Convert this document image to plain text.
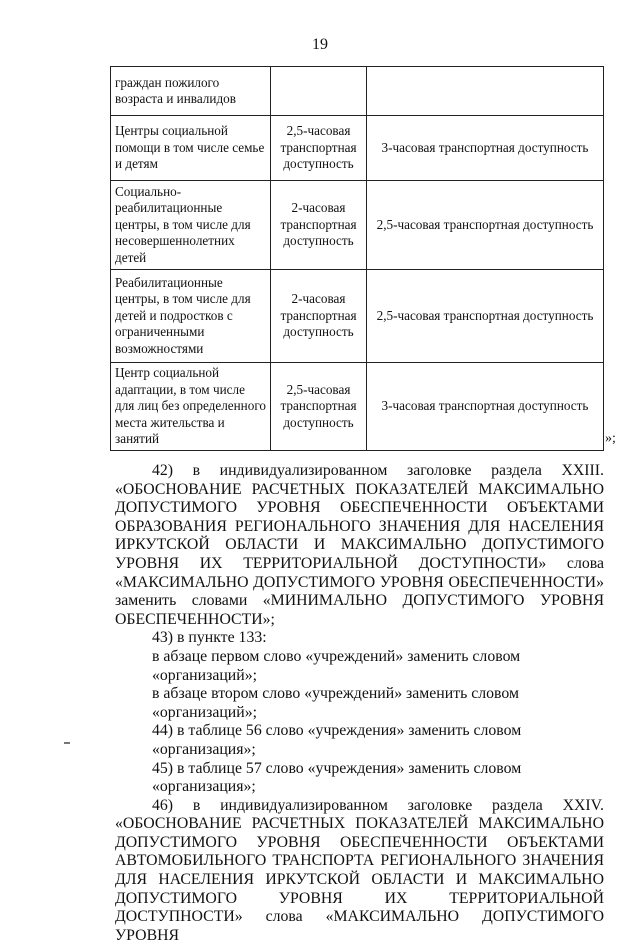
19
граждан пожилого возраста и инвалидов		
Центры социальной помощи в том числе семье и детям	2,5-часовая транспортная доступность	3-часовая транспортная доступность
Социально-реабилитационные центры, в том числе для несовершеннолетних детей	2-часовая транспортная доступность	2,5-часовая транспортная доступность
Реабилитационные центры, в том числе для детей и подростков с ограниченными возможностями	2-часовая транспортная доступность	2,5-часовая транспортная доступность
Центр социальной адаптации, в том числе для лиц без определенного места жительства и занятий	2,5-часовая транспортная доступность	3-часовая транспортная доступность
»;

42) в индивидуализированном заголовке раздела XXIII. «ОБОСНОВАНИЕ РАСЧЕТНЫХ ПОКАЗАТЕЛЕЙ МАКСИМАЛЬНО ДОПУСТИМОГО УРОВНЯ ОБЕСПЕЧЕННОСТИ ОБЪЕКТАМИ ОБРАЗОВАНИЯ РЕГИОНАЛЬНОГО ЗНАЧЕНИЯ ДЛЯ НАСЕЛЕНИЯ ИРКУТСКОЙ ОБЛАСТИ И МАКСИМАЛЬНО ДОПУСТИМОГО УРОВНЯ ИХ ТЕРРИТОРИАЛЬНОЙ ДОСТУПНОСТИ» слова «МАКСИМАЛЬНО ДОПУСТИМОГО УРОВНЯ ОБЕСПЕЧЕННОСТИ» заменить словами «МИНИМАЛЬНО ДОПУСТИМОГО УРОВНЯ ОБЕСПЕЧЕННОСТИ»;

43) в пункте 133:

в абзаце первом слово «учреждений» заменить словом «организаций»;

в абзаце втором слово «учреждений» заменить словом «организаций»;

44) в таблице 56 слово «учреждения» заменить словом «организация»;

45) в таблице 57 слово «учреждения» заменить словом «организация»;

46) в индивидуализированном заголовке раздела XXIV. «ОБОСНОВАНИЕ РАСЧЕТНЫХ ПОКАЗАТЕЛЕЙ МАКСИМАЛЬНО ДОПУСТИМОГО УРОВНЯ ОБЕСПЕЧЕННОСТИ ОБЪЕКТАМИ АВТОМОБИЛЬНОГО ТРАНСПОРТА РЕГИОНАЛЬНОГО ЗНАЧЕНИЯ ДЛЯ НАСЕЛЕНИЯ ИРКУТСКОЙ ОБЛАСТИ И МАКСИМАЛЬНО ДОПУСТИМОГО УРОВНЯ ИХ ТЕРРИТОРИАЛЬНОЙ ДОСТУПНОСТИ» слова «МАКСИМАЛЬНО ДОПУСТИМОГО УРОВНЯ
